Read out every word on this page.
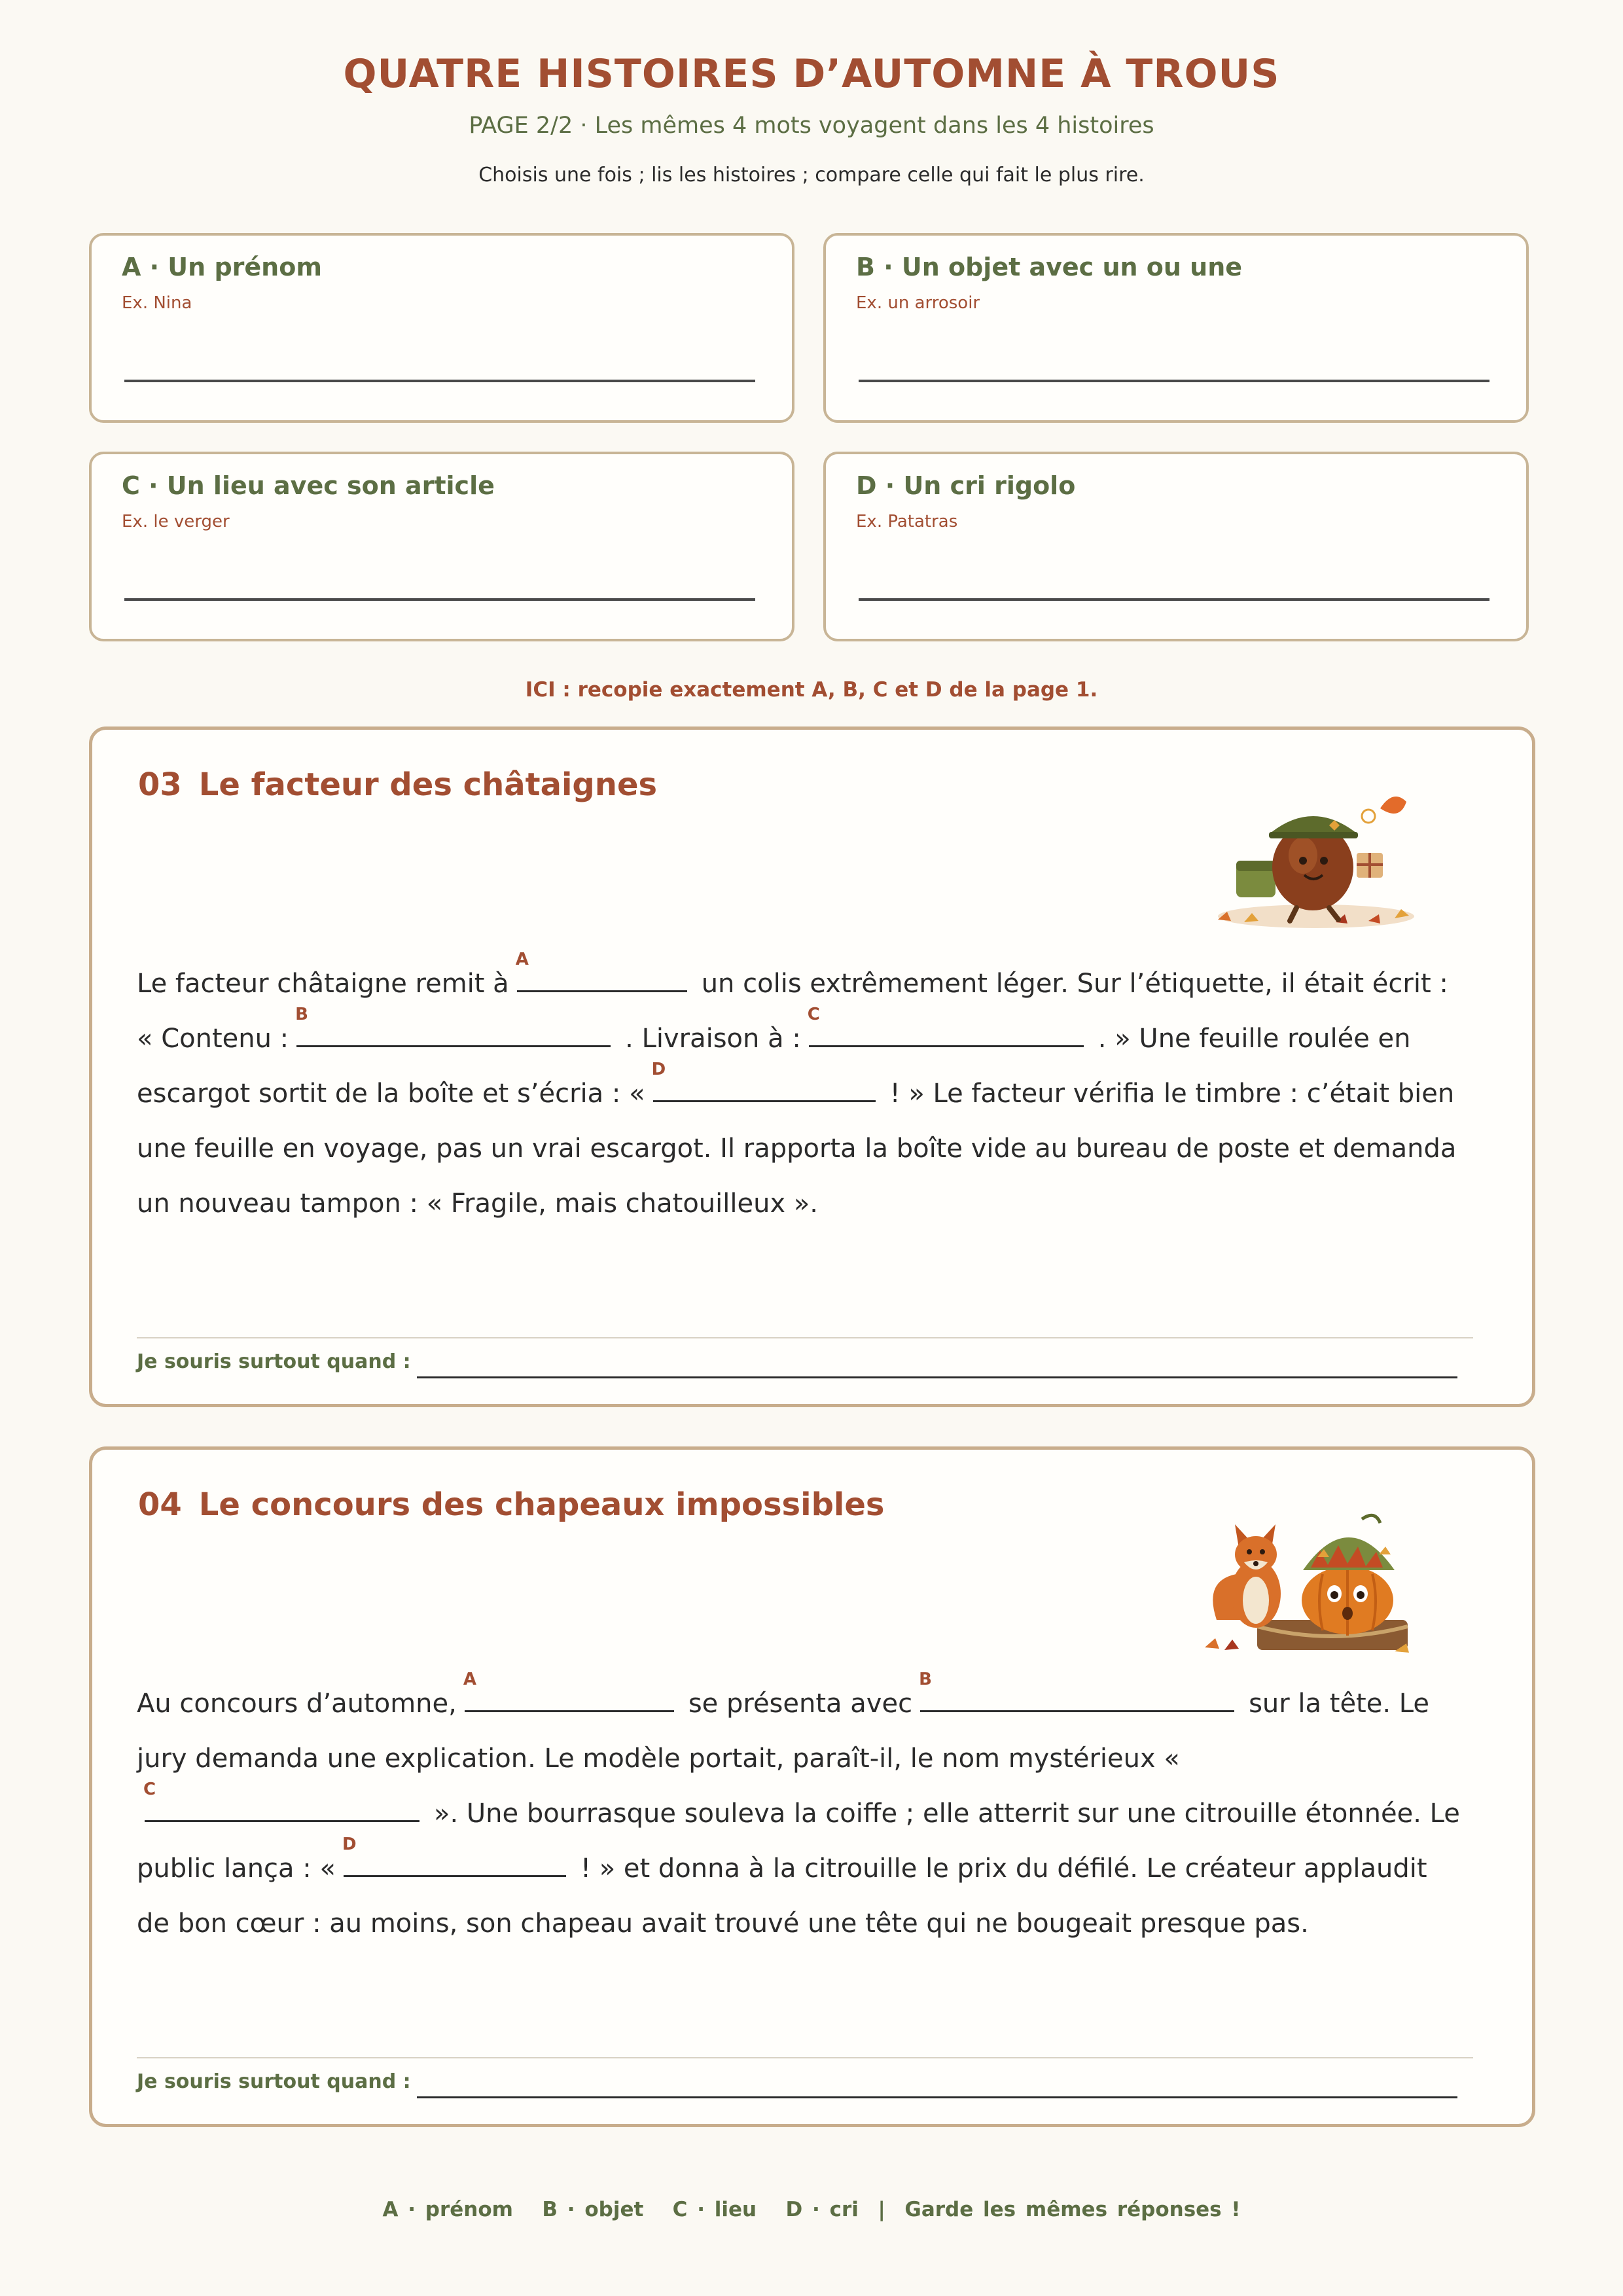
QUATRE HISTOIRES D’AUTOMNE À TROUS
PAGE 2/2 · Les mêmes 4 mots voyagent dans les 4 histoires
Choisis une fois ; lis les histoires ; compare celle qui fait le plus rire.
A · Un prénom
Ex. Nina
B · Un objet avec un ou une
Ex. un arrosoir
C · Un lieu avec son article
Ex. le verger
D · Un cri rigolo
Ex. Patatras
ICI : recopie exactement A, B, C et D de la page 1.
03 Le facteur des châtaignes
Le facteur châtaigne remit à
A
un colis extrêmement léger. Sur l’étiquette, il était écrit : « Contenu :
B
. Livraison à :
C
. » Une feuille roulée en escargot sortit de la boîte et s’écria : «
D
! » Le facteur vérifia le timbre : c’était bien une feuille en voyage, pas un vrai escargot. Il rapporta la boîte vide au bureau de poste et demanda un nouveau tampon : « Fragile, mais chatouilleux ».
Je souris surtout quand :
04 Le concours des chapeaux impossibles
Au concours d’automne,
A
se présenta avec
B
sur la tête. Le jury demanda une explication. Le modèle portait, paraît-il, le nom mystérieux «
C
». Une bourrasque souleva la coiffe ; elle atterrit sur une citrouille étonnée. Le public lança : «
D
! » et donna à la citrouille le prix du défilé. Le créateur applaudit de bon cœur : au moins, son chapeau avait trouvé une tête qui ne bougeait presque pas.
Je souris surtout quand :
A · prénom   B · objet   C · lieu   D · cri  |  Garde les mêmes réponses !
